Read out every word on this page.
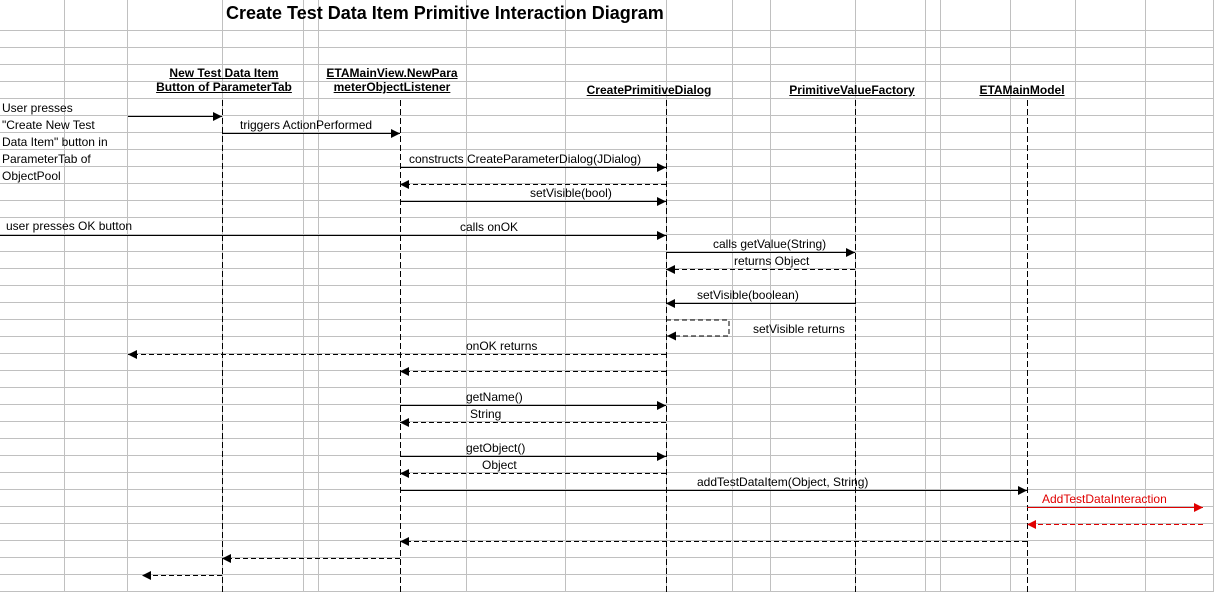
Create Test Data Item Primitive Interaction Diagram
New Test Data Item
Button of ParameterTab
ETAMainView.NewPara
meterObjectListener	CreatePrimitiveDialog	PrimitiveValueFactory	ETAMainModel
User presses
"Create New Test
Data Item" button in
ParameterTab of
ObjectPool
user presses OK button
triggers ActionPerformed
constructs CreateParameterDialog(JDialog)
setVisible(bool)
calls onOK
calls getValue(String)
returns Object
setVisible(boolean)
setVisible returns
onOK returns
getName()
String
getObject()
Object
addTestDataItem(Object, String)
AddTestDataInteraction
